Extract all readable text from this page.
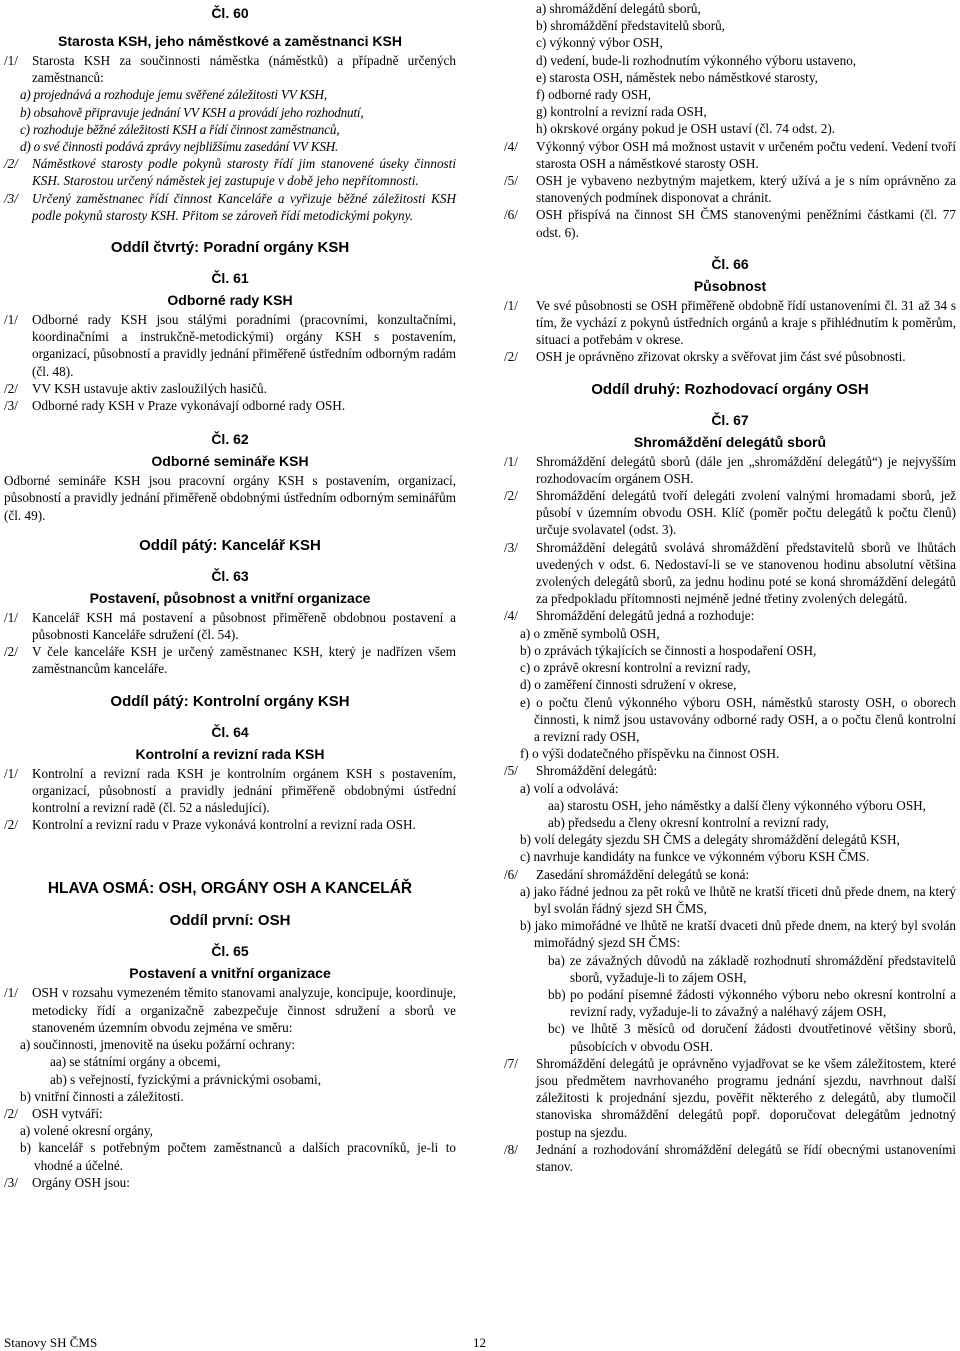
Čl. 60

Starosta KSH, jeho náměstkové a zaměstnanci KSH

/1/ Starosta KSH za součinnosti náměstka (náměstků) a případně určených zaměstnanců:

a) projednává a rozhoduje jemu svěřené záležitosti VV KSH,

b) obsahově připravuje jednání VV KSH a provádí jeho rozhodnutí,

c) rozhoduje běžné záležitosti KSH a řídí činnost zaměstnanců,

d) o své činnosti podává zprávy nejbližšímu zasedání VV KSH.

/2/ Náměstkové starosty podle pokynů starosty řídí jim stanovené úseky činnosti KSH. Starostou určený náměstek jej zastupuje v době jeho nepřítomnosti.
/3/ Určený zaměstnanec řídí činnost Kanceláře a vyřizuje běžné záležitosti KSH podle pokynů starosty KSH. Přitom se zároveň řídí metodickými pokyny.

Oddíl čtvrtý: Poradní orgány KSH

Čl. 61

Odborné rady KSH

/1/ Odborné rady KSH jsou stálými poradními (pracovními, konzultačními, koordinačními a instrukčně-metodickými) orgány KSH s postavením, organizací, působností a pravidly jednání přiměřeně ústředním odborným radám (čl. 48).
/2/ VV KSH ustavuje aktiv zasloužilých hasičů.
/3/ Odborné rady KSH v Praze vykonávají odborné rady OSH.

Čl. 62

Odborné semináře KSH

Odborné semináře KSH jsou pracovní orgány KSH s postavením, organizací, působností a pravidly jednání přiměřeně obdobnými ústředním odborným seminářům (čl. 49).

Oddíl pátý: Kancelář KSH

Čl. 63

Postavení, působnost a vnitřní organizace

/1/ Kancelář KSH má postavení a působnost přiměřeně obdobnou postavení a působnosti Kanceláře sdružení (čl. 54).
/2/ V čele kanceláře KSH je určený zaměstnanec KSH, který je nadřízen všem zaměstnancům kanceláře.

Oddíl pátý: Kontrolní orgány KSH

Čl. 64

Kontrolní a revizní rada KSH

/1/ Kontrolní a revizní rada KSH je kontrolním orgánem KSH s postavením, organizací, působností a pravidly jednání přiměřeně obdobnými ústřední kontrolní a revizní radě (čl. 52 a následující).
/2/ Kontrolní a revizní radu v Praze vykonává kontrolní a revizní rada OSH.

HLAVA OSMÁ: OSH, ORGÁNY OSH A KANCELÁŘ

Oddíl první: OSH

Čl. 65

Postavení a vnitřní organizace

/1/ OSH v rozsahu vymezeném těmito stanovami analyzuje, koncipuje, koordinuje, metodicky řídí a organizačně zabezpečuje činnost sdružení a sborů ve stanoveném územním obvodu zejména ve směru:

a) součinnosti, jmenovitě na úseku požární ochrany:

aa) se státními orgány a obcemi,

ab) s veřejností, fyzickými a právnickými osobami,

b) vnitřní činnosti a záležitosti.

/2/ OSH vytváří:

a) volené okresní orgány,

b) kancelář s potřebným počtem zaměstnanců a dalších pracovníků, je-li to vhodné a účelné.

/3/ Orgány OSH jsou:

a) shromáždění delegátů sborů,

b) shromáždění představitelů sborů,

c) výkonný výbor OSH,

d) vedení, bude-li rozhodnutím výkonného výboru ustaveno,

e) starosta OSH, náměstek nebo náměstkové starosty,

f) odborné rady OSH,

g) kontrolní a revizní rada OSH,

h) okrskové orgány pokud je OSH ustaví (čl. 74 odst. 2).

/4/ Výkonný výbor OSH má možnost ustavit v určeném počtu vedení. Vedení tvoří starosta OSH a náměstkové starosty OSH.
/5/ OSH je vybaveno nezbytným majetkem, který užívá a je s ním oprávněno za stanovených podmínek disponovat a chránit.
/6/ OSH přispívá na činnost SH ČMS stanovenými peněžními částkami (čl. 77 odst. 6).

Čl. 66

Působnost

/1/ Ve své působnosti se OSH přiměřeně obdobně řídí ustanoveními čl. 31 až 34 s tím, že vychází z pokynů ústředních orgánů a kraje s přihlédnutím k poměrům, situaci a potřebám v okrese.
/2/ OSH je oprávněno zřizovat okrsky a svěřovat jim část své působnosti.

Oddíl druhý: Rozhodovací orgány OSH

Čl. 67

Shromáždění delegátů sborů

/1/ Shromáždění delegátů sborů (dále jen „shromáždění delegátů“) je nejvyšším rozhodovacím orgánem OSH.
/2/ Shromáždění delegátů tvoří delegáti zvolení valnými hromadami sborů, jež působí v územním obvodu OSH. Klíč (poměr počtu delegátů k počtu členů) určuje svolavatel (odst. 3).
/3/ Shromáždění delegátů svolává shromáždění představitelů sborů ve lhůtách uvedených v odst. 6. Nedostaví-li se ve stanovenou hodinu absolutní většina zvolených delegátů sborů, za jednu hodinu poté se koná shromáždění delegátů za předpokladu přítomnosti nejméně jedné třetiny zvolených delegátů.
/4/ Shromáždění delegátů jedná a rozhoduje:

a) o změně symbolů OSH,

b) o zprávách týkajících se činnosti a hospodaření OSH,

c) o zprávě okresní kontrolní a revizní rady,

d) o zaměření činnosti sdružení v okrese,

e) o počtu členů výkonného výboru OSH, náměstků starosty OSH, o oborech činnosti, k nimž jsou ustavovány odborné rady OSH, a o počtu členů kontrolní a revizní rady OSH,

f) o výši dodatečného příspěvku na činnost OSH.

/5/ Shromáždění delegátů:

a) volí a odvolává:

aa) starostu OSH, jeho náměstky a další členy výkonného výboru OSH,

ab) předsedu a členy okresní kontrolní a revizní rady,

b) volí delegáty sjezdu SH ČMS a delegáty shromáždění delegátů KSH,

c) navrhuje kandidáty na funkce ve výkonném výboru KSH ČMS.

/6/ Zasedání shromáždění delegátů se koná:

a) jako řádné jednou za pět roků ve lhůtě ne kratší třiceti dnů přede dnem, na který byl svolán řádný sjezd SH ČMS,

b) jako mimořádné ve lhůtě ne kratší dvaceti dnů přede dnem, na který byl svolán mimořádný sjezd SH ČMS:

ba) ze závažných důvodů na základě rozhodnutí shromáždění představitelů sborů, vyžaduje-li to zájem OSH,

bb) po podání písemné žádosti výkonného výboru nebo okresní kontrolní a revizní rady, vyžaduje-li to závažný a naléhavý zájem OSH,

bc) ve lhůtě 3 měsíců od doručení žádosti dvoutřetinové většiny sborů, působících v obvodu OSH.

/7/ Shromáždění delegátů je oprávněno vyjadřovat se ke všem záležitostem, které jsou předmětem navrhovaného programu jednání sjezdu, navrhnout další záležitosti k projednání sjezdu, pověřit některého z delegátů, aby tlumočil stanoviska shromáždění delegátů popř. doporučovat delegátům jednotný postup na sjezdu.
/8/ Jednání a rozhodování shromáždění delegátů se řídí obecnými ustanoveními stanov.
Stanovy SH ČMS	12
